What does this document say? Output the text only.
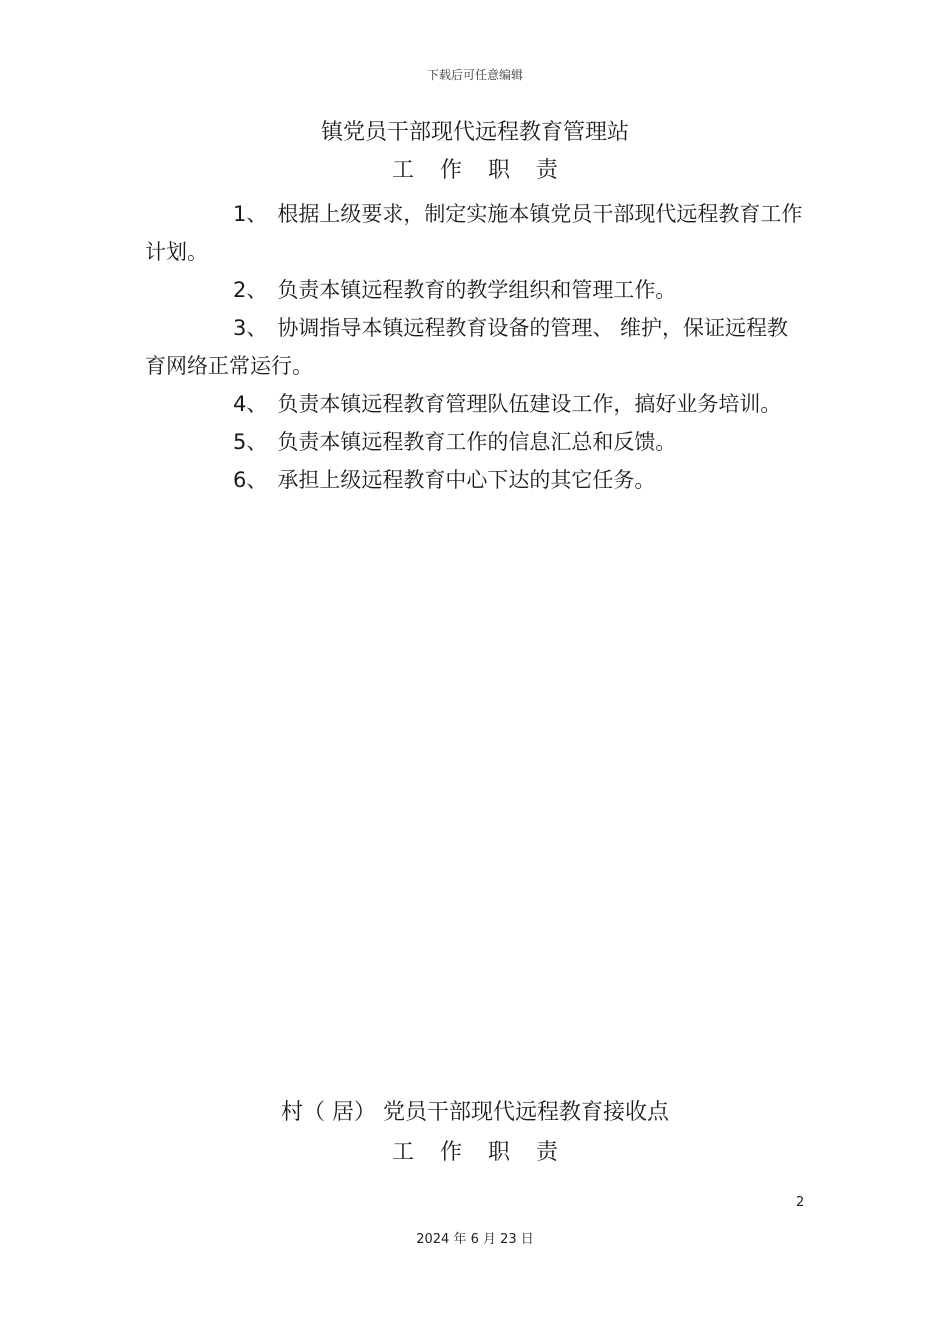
下载后可任意编辑
镇党员干部现代远程教育管理站
工作职责

1、 根据上级要求，制定实施本镇党员干部现代远程教育工作计划。

2、 负责本镇远程教育的教学组织和管理工作。

3、 协调指导本镇远程教育设备的管理、 维护，保证远程教育网络正常运行。

4、 负责本镇远程教育管理队伍建设工作，搞好业务培训。

5、 负责本镇远程教育工作的信息汇总和反馈。

6、 承担上级远程教育中心下达的其它任务。

村（ 居） 党员干部现代远程教育接收点
工作职责
2
2024 年 6 月 23 日
